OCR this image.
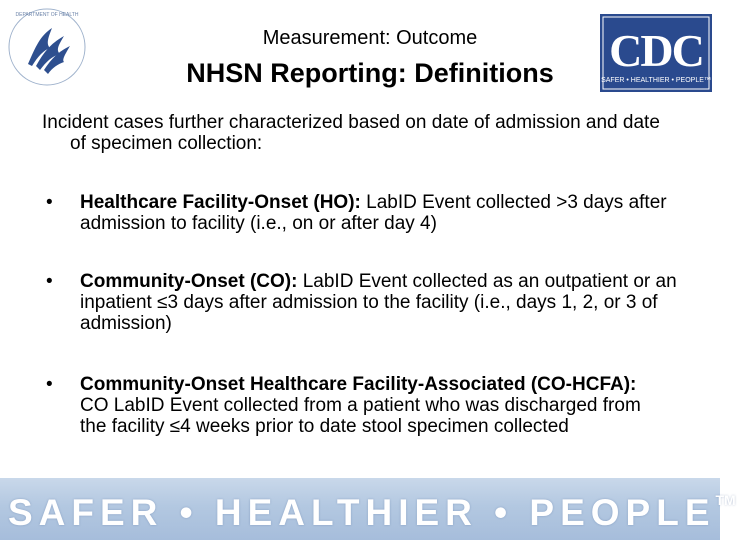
DEPARTMENT OF HEALTH
Measurement: Outcome
NHSN Reporting: Definitions	CDC
SAFER • HEALTHIER • PEOPLE™
Incident cases further characterized based on date of admission and date of specimen collection:
• Healthcare Facility-Onset (HO): LabID Event collected >3 days after admission to facility (i.e., on or after day 4)
• Community-Onset (CO): LabID Event collected as an outpatient or an inpatient ≤3 days after admission to the facility (i.e., days 1, 2, or 3 of admission)
• Community-Onset Healthcare Facility-Associated (CO-HCFA): CO LabID Event collected from a patient who was discharged from the facility ≤4 weeks prior to date stool specimen collected
SAFER • HEALTHIER • PEOPLE™
